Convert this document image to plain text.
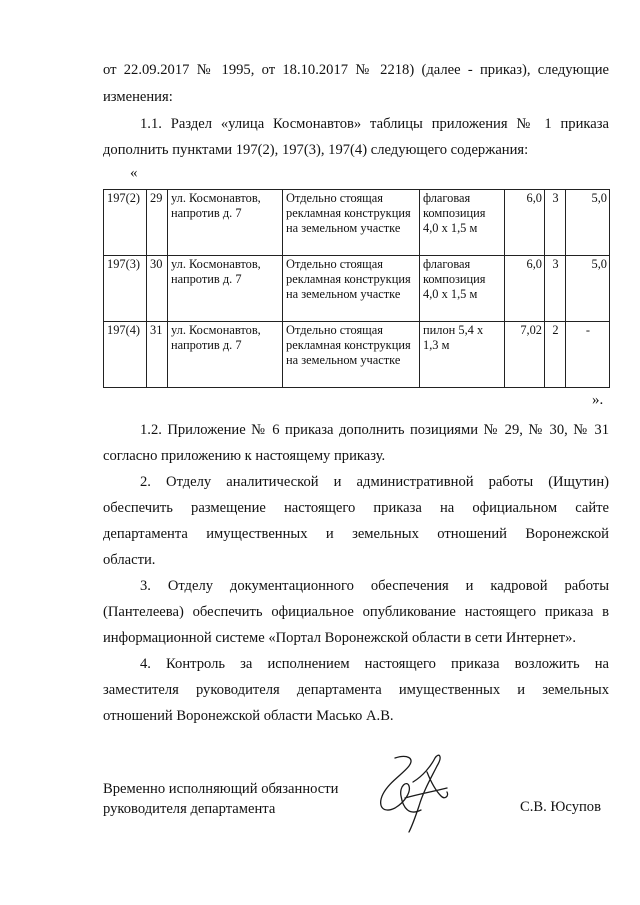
от 22.09.2017 № 1995, от 18.10.2017 № 2218) (далее - приказ), следующие
изменения:
1.1. Раздел «улица Космонавтов» таблицы приложения № 1 приказа
дополнить пунктами 197(2), 197(3), 197(4) следующего содержания:
«
197(2)	29	ул. Космонавтов,
напротив д. 7	Отдельно стоящая
рекламная конструкция
на земельном участке	флаговая
композиция
4,0 х 1,5 м	6,0	3	5,0
197(3)	30	ул. Космонавтов,
напротив д. 7	Отдельно стоящая
рекламная конструкция
на земельном участке	флаговая
композиция
4,0 х 1,5 м	6,0	3	5,0
197(4)	31	ул. Космонавтов,
напротив д. 7	Отдельно стоящая
рекламная конструкция
на земельном участке	пилон 5,4 х
1,3 м	7,02	2	-
».
1.2. Приложение № 6 приказа дополнить позициями № 29, № 30, № 31
согласно приложению к настоящему приказу.
2. Отделу аналитической и административной работы (Ищутин)
обеспечить размещение настоящего приказа на официальном сайте
департамента имущественных и земельных отношений Воронежской
области.
3. Отделу документационного обеспечения и кадровой работы
(Пантелеева) обеспечить официальное опубликование настоящего приказа в
информационной системе «Портал Воронежской области в сети Интернет».
4. Контроль за исполнением настоящего приказа возложить на
заместителя руководителя департамента имущественных и земельных
отношений Воронежской области Масько А.В.
Временно исполняющий обязанности
руководителя департамента	С.В. Юсупов
